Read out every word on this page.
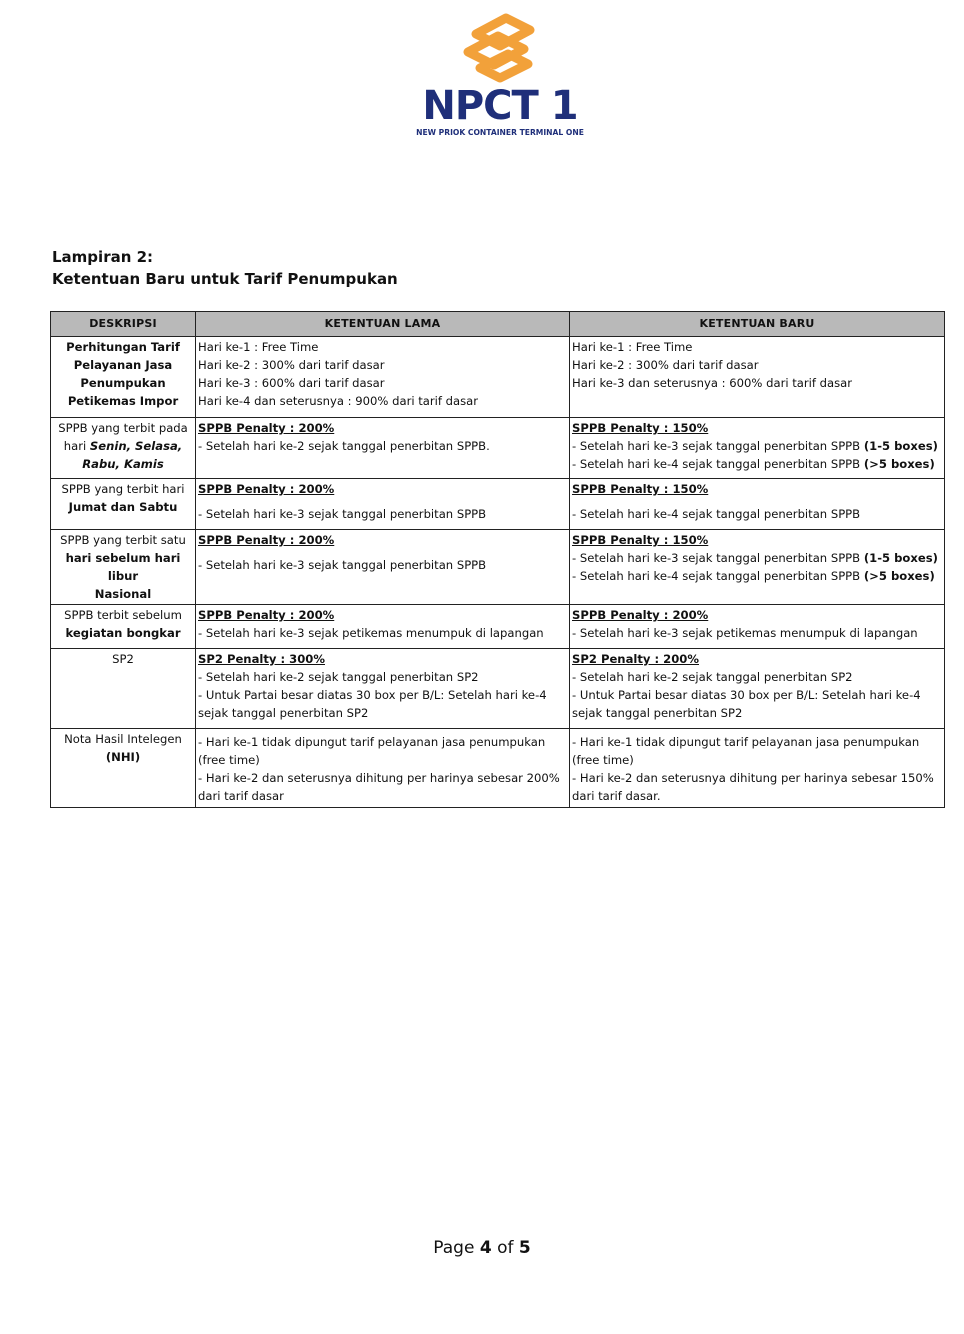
NPCT 1
NEW PRIOK CONTAINER TERMINAL ONE
Lampiran 2:
Ketentuan Baru untuk Tarif Penumpukan
DESKRIPSI	KETENTUAN LAMA	KETENTUAN BARU

Perhitungan Tarif
Pelayanan Jasa
Penumpukan
Petikemas Impor	Hari ke-1 : Free Time
Hari ke-2 : 300% dari tarif dasar
Hari ke-3 : 600% dari tarif dasar
Hari ke-4 dan seterusnya : 900% dari tarif dasar	Hari ke-1 : Free Time
Hari ke-2 : 300% dari tarif dasar
Hari ke-3 dan seterusnya : 600% dari tarif dasar

SPPB yang terbit pada
hari Senin, Selasa,
Rabu, Kamis	SPPB Penalty : 200%
- Setelah hari ke-2 sejak tanggal penerbitan SPPB.	SPPB Penalty : 150%
- Setelah hari ke-3 sejak tanggal penerbitan SPPB (1-5 boxes)
- Setelah hari ke-4 sejak tanggal penerbitan SPPB (>5 boxes)

SPPB yang terbit hari
Jumat dan Sabtu	SPPB Penalty : 200%
- Setelah hari ke-3 sejak tanggal penerbitan SPPB	SPPB Penalty : 150%
- Setelah hari ke-4 sejak tanggal penerbitan SPPB

SPPB yang terbit satu
hari sebelum hari libur
Nasional	SPPB Penalty : 200%
- Setelah hari ke-3 sejak tanggal penerbitan SPPB	SPPB Penalty : 150%
- Setelah hari ke-3 sejak tanggal penerbitan SPPB (1-5 boxes)
- Setelah hari ke-4 sejak tanggal penerbitan SPPB (>5 boxes)

SPPB terbit sebelum
kegiatan bongkar	SPPB Penalty : 200%
- Setelah hari ke-3 sejak petikemas menumpuk di lapangan	SPPB Penalty : 200%
- Setelah hari ke-3 sejak petikemas menumpuk di lapangan

SP2	SP2 Penalty : 300%
- Setelah hari ke-2 sejak tanggal penerbitan SP2
- Untuk Partai besar diatas 30 box per B/L: Setelah hari ke-4
sejak tanggal penerbitan SP2	SP2 Penalty : 200%
- Setelah hari ke-2 sejak tanggal penerbitan SP2
- Untuk Partai besar diatas 30 box per B/L: Setelah hari ke-4
sejak tanggal penerbitan SP2

Nota Hasil Intelegen
(NHI)	- Hari ke-1 tidak dipungut tarif pelayanan jasa penumpukan
(free time)
- Hari ke-2 dan seterusnya dihitung per harinya sebesar 200%
dari tarif dasar	- Hari ke-1 tidak dipungut tarif pelayanan jasa penumpukan
(free time)
- Hari ke-2 dan seterusnya dihitung per harinya sebesar 150%
dari tarif dasar.
Page 4 of 5
